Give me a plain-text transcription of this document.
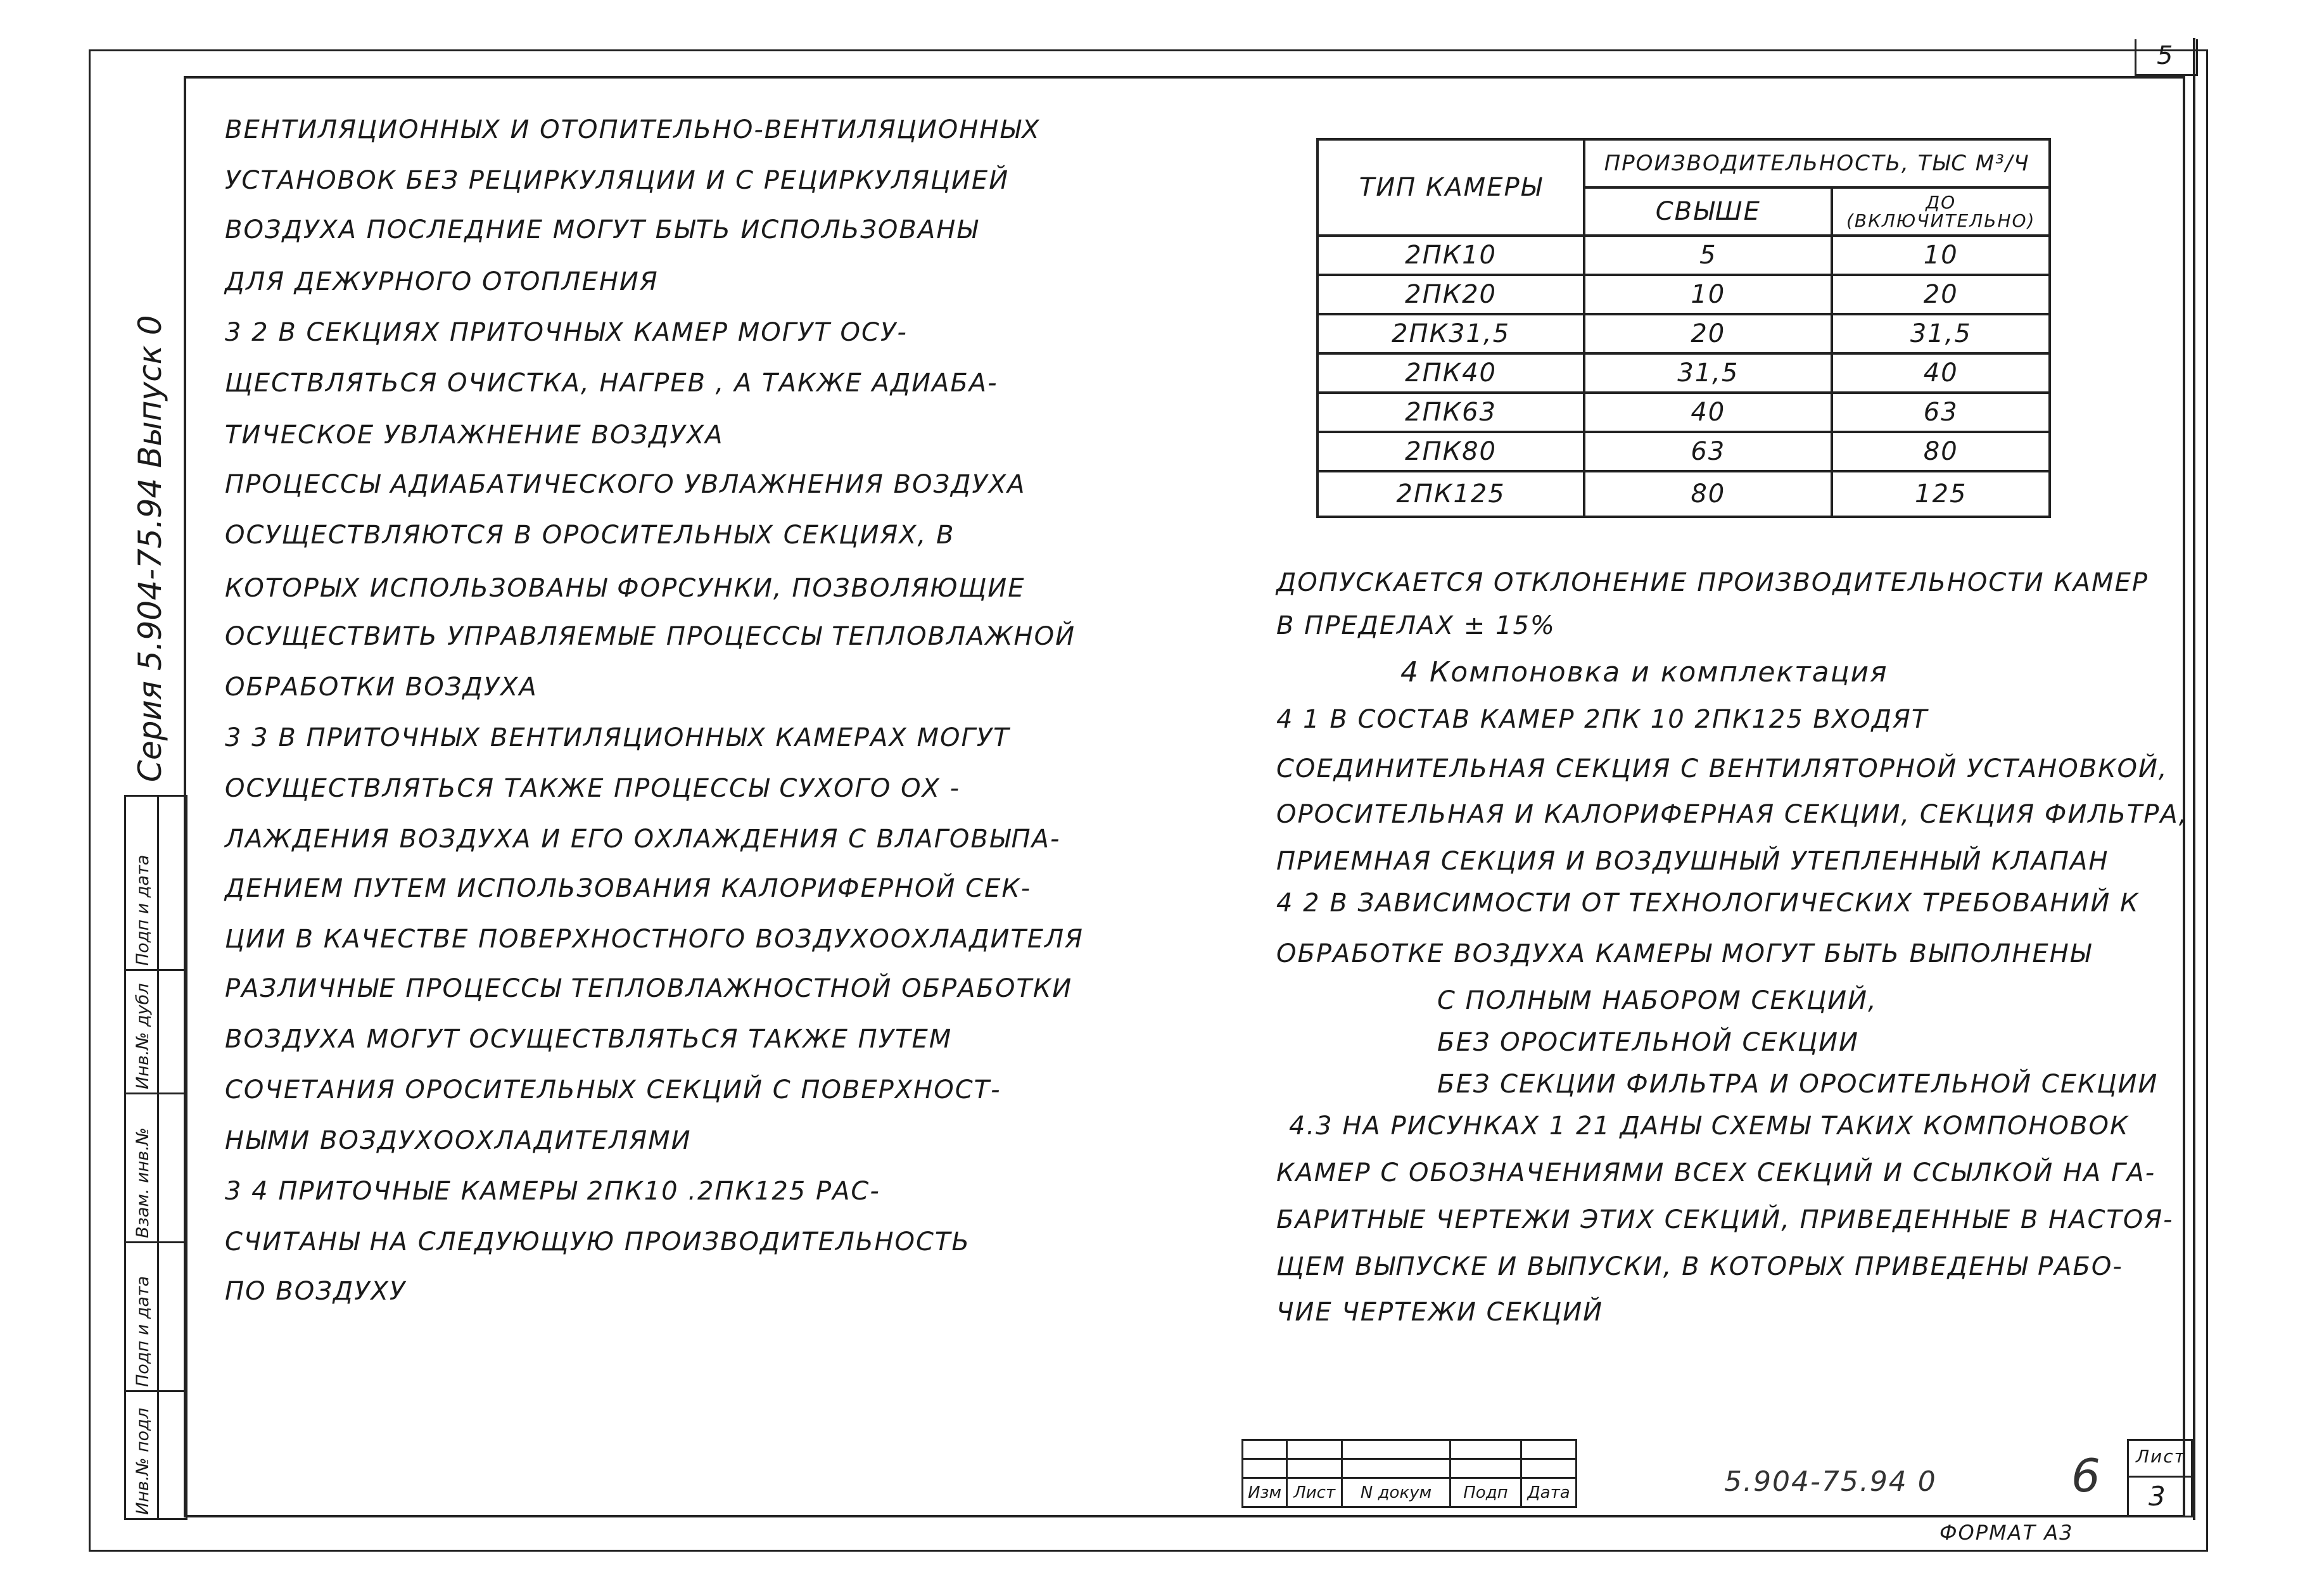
5
Серия 5.904-75.94 Выпуск 0
Подп и дата
Инв.№ дубл
Взам. инв.№
Подп и дата
Инв.№ подл
ВЕНТИЛЯЦИОННЫХ И ОТОПИТЕЛЬНО-ВЕНТИЛЯЦИОННЫХ
УСТАНОВОК БЕЗ РЕЦИРКУЛЯЦИИ И С РЕЦИРКУЛЯЦИЕЙ
ВОЗДУХА ПОСЛЕДНИЕ МОГУТ БЫТЬ ИСПОЛЬЗОВАНЫ
ДЛЯ ДЕЖУРНОГО ОТОПЛЕНИЯ
3 2 В СЕКЦИЯХ ПРИТОЧНЫХ КАМЕР МОГУТ ОСУ-
ЩЕСТВЛЯТЬСЯ ОЧИСТКА, НАГРЕВ , А ТАКЖЕ АДИАБА-
ТИЧЕСКОЕ УВЛАЖНЕНИЕ ВОЗДУХА
ПРОЦЕССЫ АДИАБАТИЧЕСКОГО УВЛАЖНЕНИЯ ВОЗДУХА
ОСУЩЕСТВЛЯЮТСЯ В ОРОСИТЕЛЬНЫХ СЕКЦИЯХ, В
КОТОРЫХ ИСПОЛЬЗОВАНЫ ФОРСУНКИ, ПОЗВОЛЯЮЩИЕ
ОСУЩЕСТВИТЬ УПРАВЛЯЕМЫЕ ПРОЦЕССЫ ТЕПЛОВЛАЖНОЙ
ОБРАБОТКИ ВОЗДУХА
3 3 В ПРИТОЧНЫХ ВЕНТИЛЯЦИОННЫХ КАМЕРАХ МОГУТ
ОСУЩЕСТВЛЯТЬСЯ ТАКЖЕ ПРОЦЕССЫ СУХОГО ОХ -
ЛАЖДЕНИЯ ВОЗДУХА И ЕГО ОХЛАЖДЕНИЯ С ВЛАГОВЫПА-
ДЕНИЕМ ПУТЕМ ИСПОЛЬЗОВАНИЯ КАЛОРИФЕРНОЙ СЕК-
ЦИИ В КАЧЕСТВЕ ПОВЕРХНОСТНОГО ВОЗДУХООХЛАДИТЕЛЯ
РАЗЛИЧНЫЕ ПРОЦЕССЫ ТЕПЛОВЛАЖНОСТНОЙ ОБРАБОТКИ
ВОЗДУХА МОГУТ ОСУЩЕСТВЛЯТЬСЯ ТАКЖЕ ПУТЕМ
СОЧЕТАНИЯ ОРОСИТЕЛЬНЫХ СЕКЦИЙ С ПОВЕРХНОСТ-
НЫМИ ВОЗДУХООХЛАДИТЕЛЯМИ
3 4 ПРИТОЧНЫЕ КАМЕРЫ 2ПК10 .2ПК125 РАС-
СЧИТАНЫ НА СЛЕДУЮЩУЮ ПРОИЗВОДИТЕЛЬНОСТЬ
ПО ВОЗДУХУ
ТИП КАМЕРЫ	ПРОИЗВОДИТЕЛЬНОСТЬ, ТЫС М³/Ч	
	СВЫШЕ	ДО
(ВКЛЮЧИТЕЛЬНО)

2ПК10	5	10
2ПК20	10	20
2ПК31,5	20	31,5
2ПК40	31,5	40
2ПК63	40	63
2ПК80	63	80
2ПК125	80	125
ДОПУСКАЕТСЯ ОТКЛОНЕНИЕ ПРОИЗВОДИТЕЛЬНОСТИ КАМЕР
В ПРЕДЕЛАХ ± 15%
4 Компоновка и комплектация
4 1 В СОСТАВ КАМЕР 2ПК 10 2ПК125 ВХОДЯТ
СОЕДИНИТЕЛЬНАЯ СЕКЦИЯ С ВЕНТИЛЯТОРНОЙ УСТАНОВКОЙ,
ОРОСИТЕЛЬНАЯ И КАЛОРИФЕРНАЯ СЕКЦИИ, СЕКЦИЯ ФИЛЬТРА,
ПРИЕМНАЯ СЕКЦИЯ И ВОЗДУШНЫЙ УТЕПЛЕННЫЙ КЛАПАН
4 2 В ЗАВИСИМОСТИ ОТ ТЕХНОЛОГИЧЕСКИХ ТРЕБОВАНИЙ К
ОБРАБОТКЕ ВОЗДУХА КАМЕРЫ МОГУТ БЫТЬ ВЫПОЛНЕНЫ
С ПОЛНЫМ НАБОРОМ СЕКЦИЙ,
БЕЗ ОРОСИТЕЛЬНОЙ СЕКЦИИ
БЕЗ СЕКЦИИ ФИЛЬТРА И ОРОСИТЕЛЬНОЙ СЕКЦИИ
4.3 НА РИСУНКАХ 1 21 ДАНЫ СХЕМЫ ТАКИХ КОМПОНОВОК
КАМЕР С ОБОЗНАЧЕНИЯМИ ВСЕХ СЕКЦИЙ И ССЫЛКОЙ НА ГА-
БАРИТНЫЕ ЧЕРТЕЖИ ЭТИХ СЕКЦИЙ, ПРИВЕДЕННЫЕ В НАСТОЯ-
ЩЕМ ВЫПУСКЕ И ВЫПУСКИ, В КОТОРЫХ ПРИВЕДЕНЫ РАБО-
ЧИЕ ЧЕРТЕЖИ СЕКЦИЙ

Изм	Лист	N докум	Подп	Дата	5.904-75.94 0	6 Лист
3
ФОРМАТ А3
